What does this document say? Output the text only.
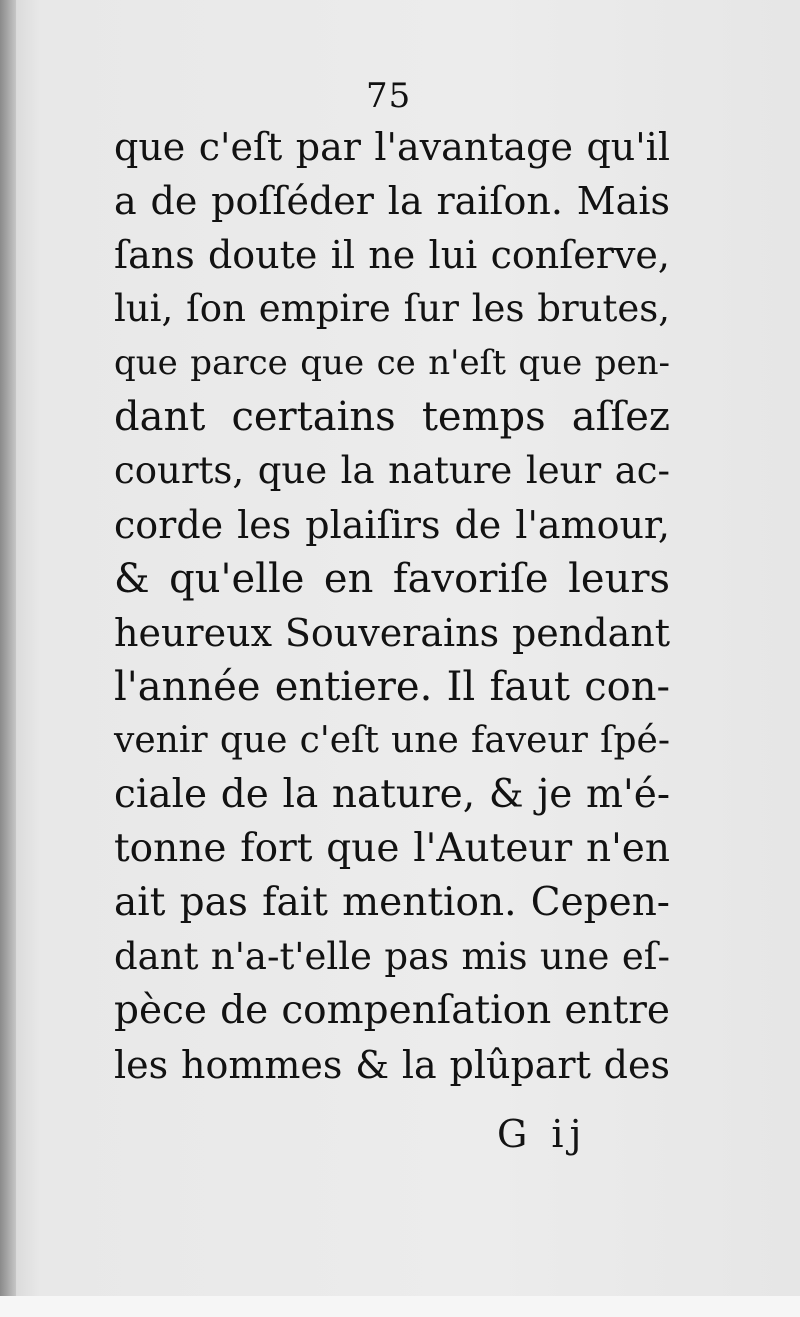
75
que c'eſt par l'avantage qu'il
a de poſſéder la raiſon. Mais
ſans doute il ne lui conſerve,
lui, ſon empire ſur les brutes,
que parce que ce n'eſt que pen-
dant certains temps aſſez
courts, que la nature leur ac-
corde les plaiſirs de l'amour,
& qu'elle en favoriſe leurs
heureux Souverains pendant
l'année entiere. Il faut con-
venir que c'eſt une faveur ſpé-
ciale de la nature, & je m'é-
tonne fort que l'Auteur n'en
ait pas fait mention. Cepen-
dant n'a-t'elle pas mis une eſ-
pèce de compenſation entre
les hommes & la plûpart des
G ij
